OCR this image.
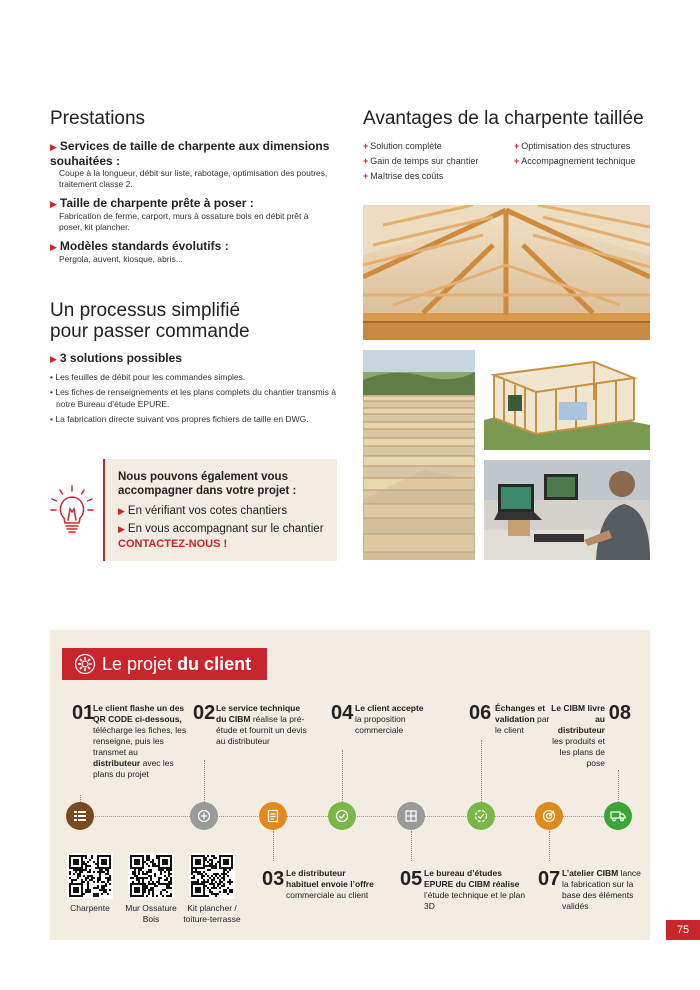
Prestations
▶ Services de taille de charpente aux dimensions souhaitées :
Coupe à la longueur, débit sur liste, rabotage, optimisation des poutres, traitement classe 2.
▶ Taille de charpente prête à poser :
Fabrication de ferme, carport, murs à ossature bois en débit prêt à poser, kit plancher.
▶ Modèles standards évolutifs :
Pergola, auvent, kiosque, abris...
Un processus simplifié
pour passer commande
▶ 3 solutions possibles
• Les feuilles de débit pour les commandes simples.
• Les fiches de renseignements et les plans complets du chantier transmis à notre Bureau d’étude EPURE.
• La fabrication directe suivant vos propres fichiers de taille en DWG.
Nous pouvons également vous
accompagner dans votre projet :
▶ En vérifiant vos cotes chantiers
▶ En vous accompagnant sur le chantier
CONTACTEZ-NOUS !
Avantages de la charpente taillée
+ Solution complète
+ Gain de temps sur chantier
+ Maîtrise des coûts
+ Optimisation des structures
+ Accompagnement technique
Le projet du client
01
Le client flashe un des QR CODE ci-dessous, télécharge les fiches, les renseigne, puis les transmet au distributeur avec les plans du projet
02 Le service technique du CIBM réalise la pré-étude et fournit un devis au distributeur
04 Le client accepte la proposition commerciale
06 Échanges et validation par le client
08
Le CIBM livre au distributeur les produits et les plans de pose
03 Le distributeur habituel envoie l’offre commerciale au client
05 Le bureau d’études EPURE du CIBM réalise l’étude technique et le plan 3D
07 L’atelier CIBM lance la fabrication sur la base des éléments validés
Charpente	Mur Ossature Bois
Kit plancher / toiture-terrasse
75
